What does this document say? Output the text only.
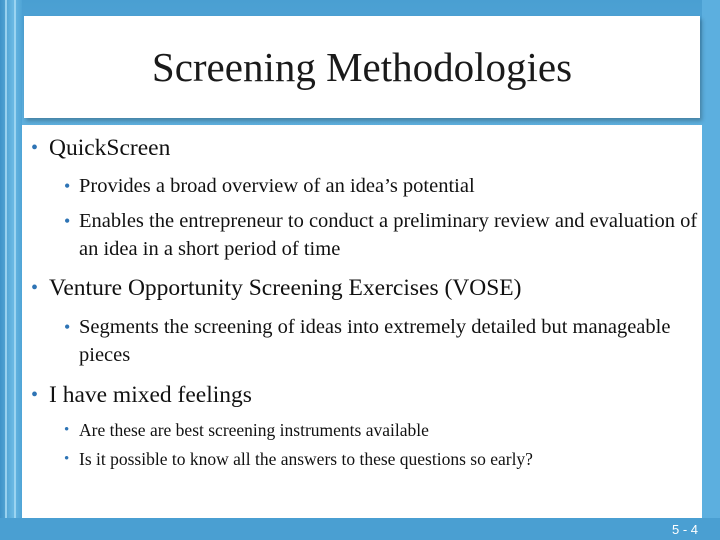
Screening Methodologies
• QuickScreen
• Provides a broad overview of an idea’s potential
• Enables the entrepreneur to conduct a preliminary review and evaluation of an idea in a short period of time
• Venture Opportunity Screening Exercises (VOSE)
• Segments the screening of ideas into extremely detailed but manageable pieces
• I have mixed feelings
• Are these are best screening instruments available
• Is it possible to know all the answers to these questions so early?
5 - 4
